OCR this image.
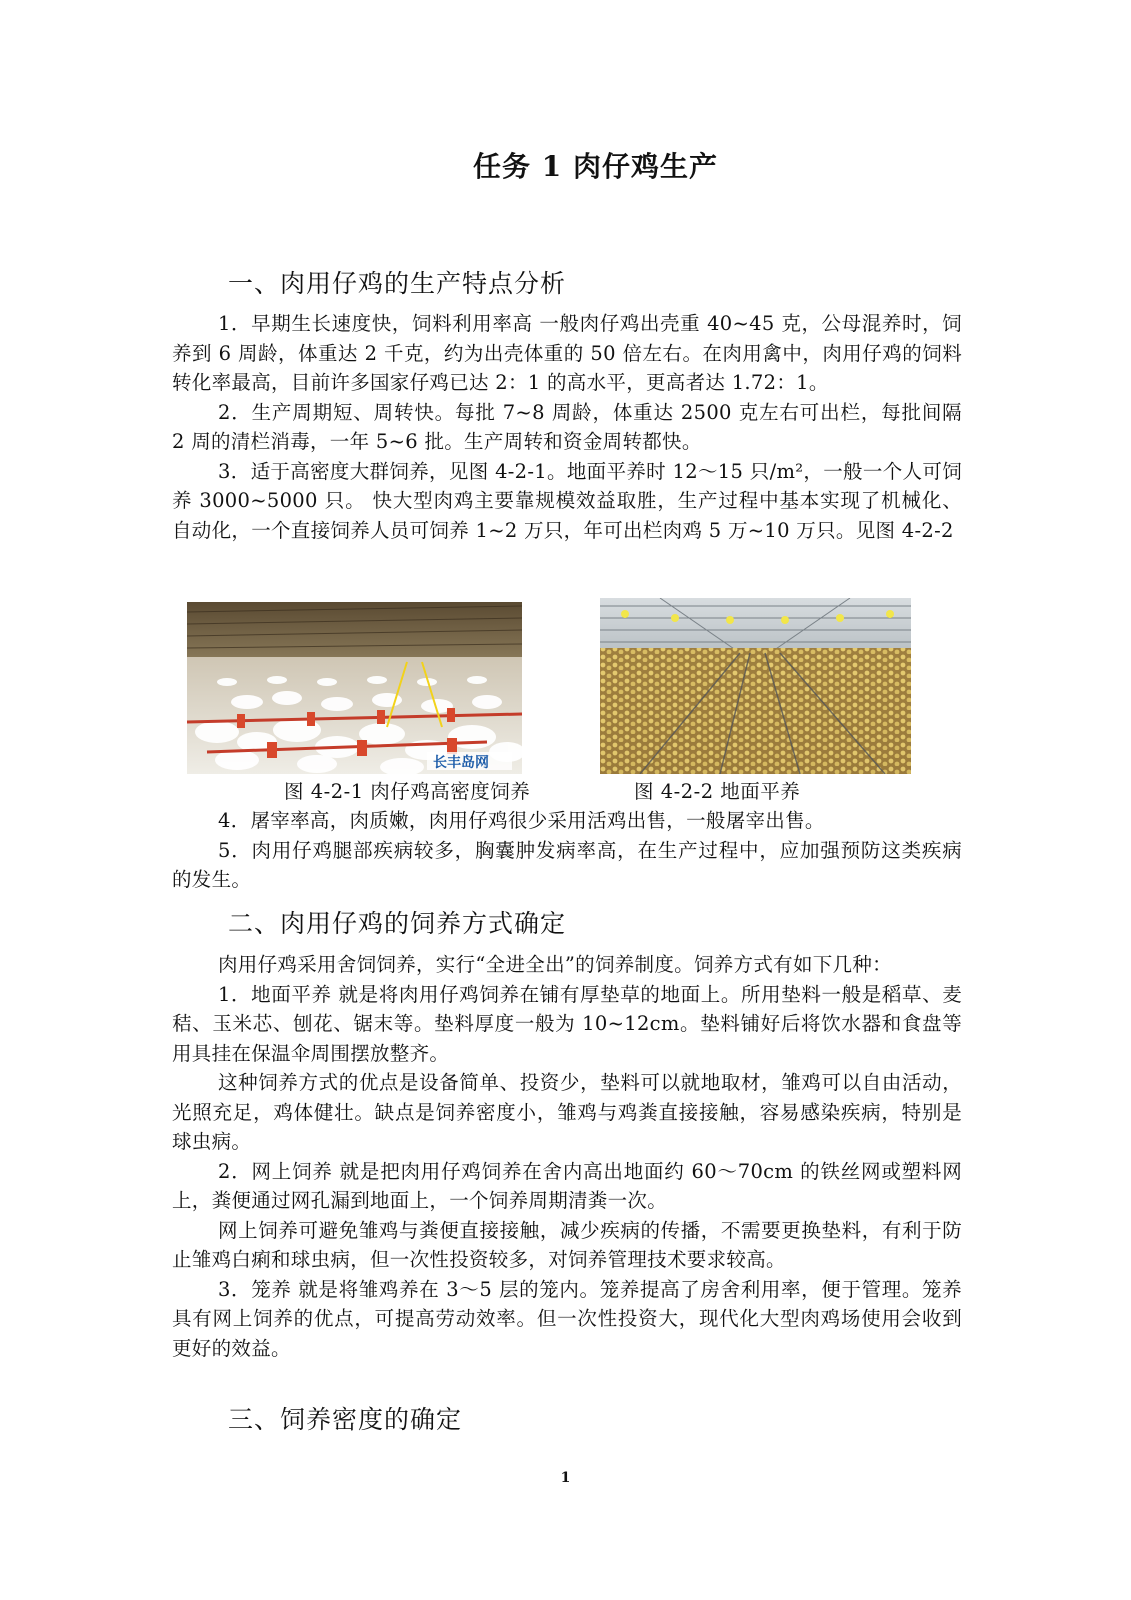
任务 1 肉仔鸡生产
一、肉用仔鸡的生产特点分析

1．早期生长速度快，饲料利用率高 一般肉仔鸡出壳重 40~45 克，公母混养时，饲养到 6 周龄，体重达 2 千克，约为出壳体重的 50 倍左右。在肉用禽中，肉用仔鸡的饲料转化率最高，目前许多国家仔鸡已达 2：1 的高水平，更高者达 1.72：1。

2．生产周期短、周转快。每批 7~8 周龄，体重达 2500 克左右可出栏，每批间隔 2 周的清栏消毒，一年 5~6 批。生产周转和资金周转都快。

3．适于高密度大群饲养，见图 4-2-1。地面平养时 12～15 只/m²，一般一个人可饲养 3000~5000 只。 快大型肉鸡主要靠规模效益取胜，生产过程中基本实现了机械化、自动化，一个直接饲养人员可饲养 1~2 万只，年可出栏肉鸡 5 万~10 万只。见图 4-2-2

长丰岛网
图 4-2-1 肉仔鸡高密度饲养	图 4-2-2 地面平养

4．屠宰率高，肉质嫩，肉用仔鸡很少采用活鸡出售，一般屠宰出售。

5．肉用仔鸡腿部疾病较多，胸囊肿发病率高，在生产过程中，应加强预防这类疾病的发生。

二、肉用仔鸡的饲养方式确定

肉用仔鸡采用舍饲饲养，实行“全进全出”的饲养制度。饲养方式有如下几种：

1．地面平养 就是将肉用仔鸡饲养在铺有厚垫草的地面上。所用垫料一般是稻草、麦秸、玉米芯、刨花、锯末等。垫料厚度一般为 10~12cm。垫料铺好后将饮水器和食盘等用具挂在保温伞周围摆放整齐。

这种饲养方式的优点是设备简单、投资少，垫料可以就地取材，雏鸡可以自由活动，光照充足，鸡体健壮。缺点是饲养密度小，雏鸡与鸡粪直接接触，容易感染疾病，特别是球虫病。

2．网上饲养 就是把肉用仔鸡饲养在舍内高出地面约 60～70cm 的铁丝网或塑料网上，粪便通过网孔漏到地面上，一个饲养周期清粪一次。

网上饲养可避免雏鸡与粪便直接接触，减少疾病的传播，不需要更换垫料，有利于防止雏鸡白痢和球虫病，但一次性投资较多，对饲养管理技术要求较高。

3．笼养 就是将雏鸡养在 3～5 层的笼内。笼养提高了房舍利用率，便于管理。笼养具有网上饲养的优点，可提高劳动效率。但一次性投资大，现代化大型肉鸡场使用会收到更好的效益。

三、饲养密度的确定
1
